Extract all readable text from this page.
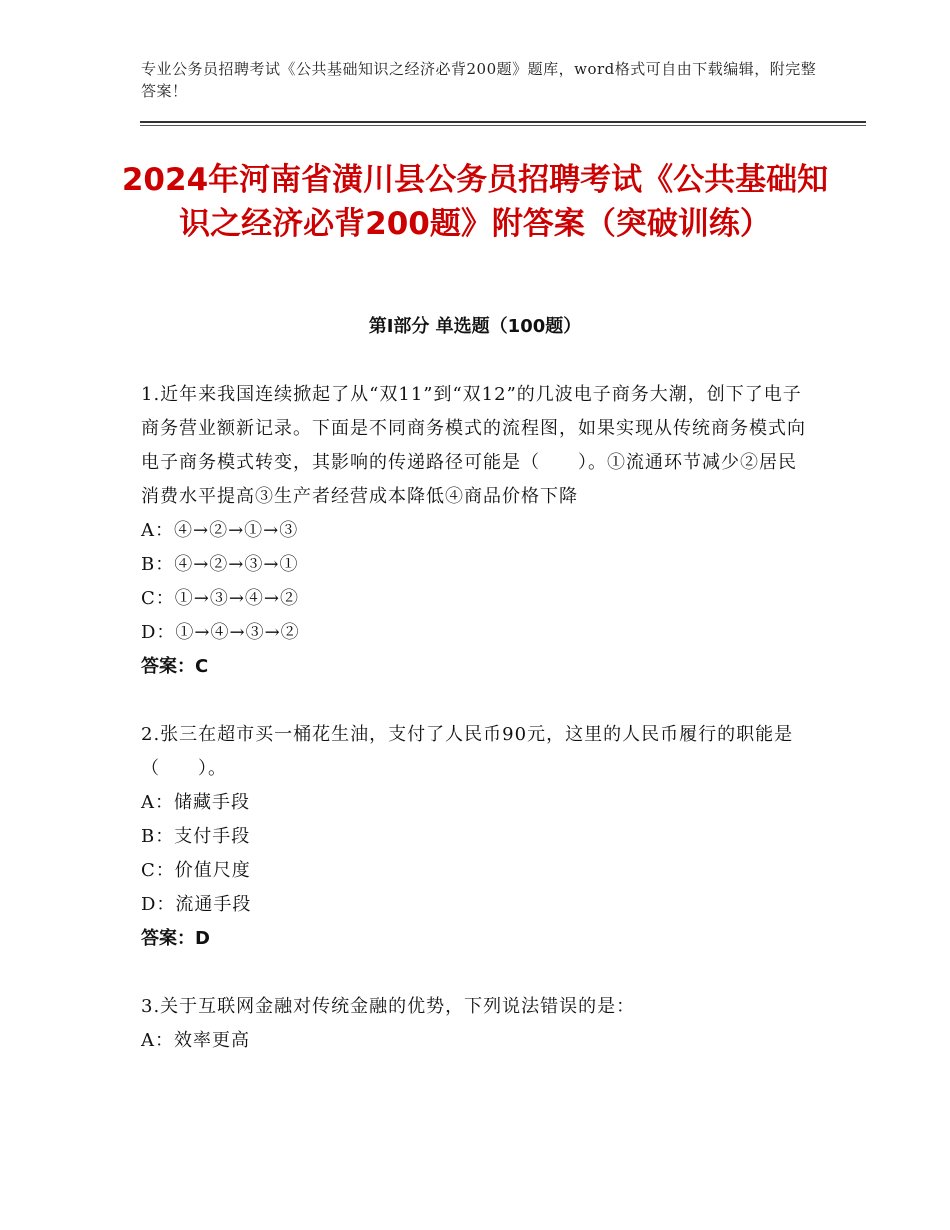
专业公务员招聘考试《公共基础知识之经济必背200题》题库，word格式可自由下载编辑，附完整答案！
2024年河南省潢川县公务员招聘考试《公共基础知识之经济必背200题》附答案（突破训练）
第Ⅰ部分 单选题（100题）
1.近年来我国连续掀起了从“双11”到“双12”的几波电子商务大潮，创下了电子商务营业额新记录。下面是不同商务模式的流程图，如果实现从传统商务模式向电子商务模式转变，其影响的传递路径可能是（　　）。①流通环节减少②居民消费水平提高③生产者经营成本降低④商品价格下降
A：④→②→①→③
B：④→②→③→①
C：①→③→④→②
D：①→④→③→②
答案：C
2.张三在超市买一桶花生油，支付了人民币90元，这里的人民币履行的职能是（　　）。
A：储藏手段
B：支付手段
C：价值尺度
D：流通手段
答案：D
3.关于互联网金融对传统金融的优势，下列说法错误的是：
A：效率更高
